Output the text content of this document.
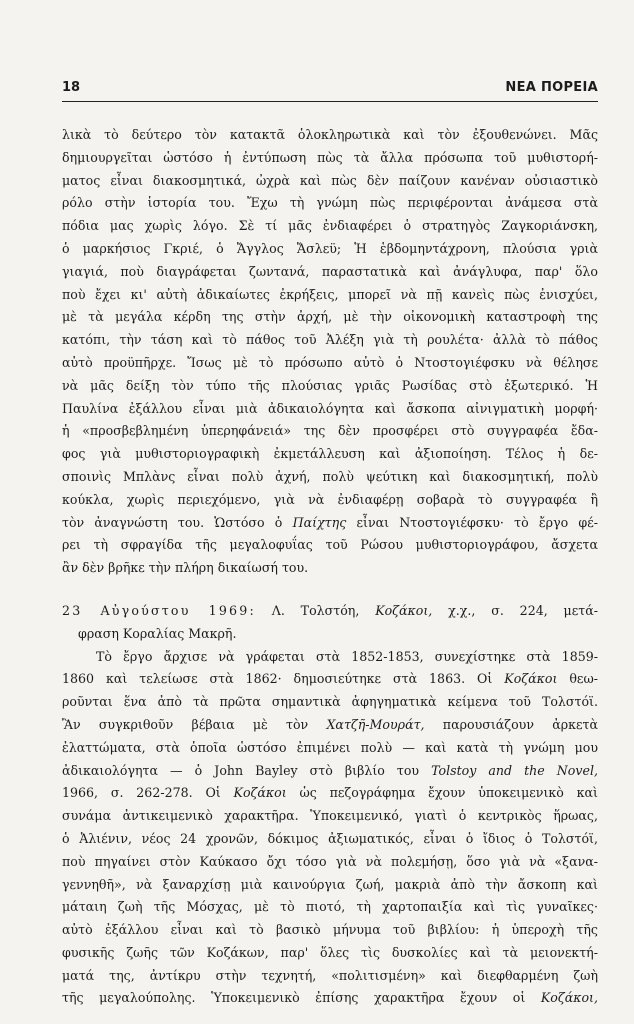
18	ΝΕΑ ΠΟΡΕΙΑ
λικὰ τὸ δεύτερο τὸν κατακτᾶ ὁλοκληρωτικὰ καὶ τὸν ἐξουθενώνει. Μᾶς
δημιουργεῖται ὡστόσο ἡ ἐντύπωση πὼς τὰ ἄλλα πρόσωπα τοῦ μυθιστορή-
ματος εἶναι διακοσμητικά, ὠχρὰ καὶ πὼς δὲν παίζουν κανέναν οὐσιαστικὸ
ρόλο στὴν ἱστορία του. Ἔχω τὴ γνώμη πὼς περιφέρονται ἀνάμεσα στὰ
πόδια μας χωρὶς λόγο. Σὲ τί μᾶς ἐνδιαφέρει ὁ στρατηγὸς Ζαγκοριάνσκη,
ὁ μαρκήσιος Γκριέ, ὁ Ἄγγλος Ἄσλεϋ; Ἡ ἑβδομηντάχρονη, πλούσια γριὰ
γιαγιά, ποὺ διαγράφεται ζωντανά, παραστατικὰ καὶ ἀνάγλυφα, παρ' ὅλο
ποὺ ἔχει κι' αὐτὴ ἀδικαίωτες ἐκρήξεις, μπορεῖ νὰ πῇ κανεὶς πὼς ἐνισχύει,
μὲ τὰ μεγάλα κέρδη της στὴν ἀρχή, μὲ τὴν οἰκονομικὴ καταστροφὴ της
κατόπι, τὴν τάση καὶ τὸ πάθος τοῦ Ἀλέξη γιὰ τὴ ρουλέτα· ἀλλὰ τὸ πάθος
αὐτὸ προϋπῆρχε. Ἴσως μὲ τὸ πρόσωπο αὐτὸ ὁ Ντοστογιέφσκυ νὰ θέλησε
νὰ μᾶς δείξη τὸν τύπο τῆς πλούσιας γριᾶς Ρωσίδας στὸ ἐξωτερικό. Ἡ
Παυλίνα ἐξάλλου εἶναι μιὰ ἀδικαιολόγητα καὶ ἄσκοπα αἰνιγματικὴ μορφή·
ἡ «προσβεβλημένη ὑπερηφάνειά» της δὲν προσφέρει στὸ συγγραφέα ἔδα-
φος γιὰ μυθιστοριογραφικὴ ἐκμετάλλευση καὶ ἀξιοποίηση. Τέλος ἡ δε-
σποινὶς Μπλὰνς εἶναι πολὺ ἀχνή, πολὺ ψεύτικη καὶ διακοσμητική, πολὺ
κούκλα, χωρὶς περιεχόμενο, γιὰ νὰ ἐνδιαφέρῃ σοβαρὰ τὸ συγγραφέα ἢ
τὸν ἀναγνώστη του. Ὡστόσο ὁ Παίχτης εἶναι Ντοστογιέφσκυ· τὸ ἔργο φέ-
ρει τὴ σφραγίδα τῆς μεγαλοφυΐας τοῦ Ρώσου μυθιστοριογράφου, ἄσχετα
ἂν δὲν βρῆκε τὴν πλήρη δικαίωσή του.
23 Αὐγούστου 1969: Λ. Τολστόη, Κοζάκοι, χ.χ., σ. 224, μετά-
φραση Κοραλίας Μακρῆ.
Τὸ ἔργο ἄρχισε νὰ γράφεται στὰ 1852-1853, συνεχίστηκε στὰ 1859-
1860 καὶ τελείωσε στὰ 1862· δημοσιεύτηκε στὰ 1863. Οἱ Κοζάκοι θεω-
ροῦνται ἕνα ἀπὸ τὰ πρῶτα σημαντικὰ ἀφηγηματικὰ κείμενα τοῦ Τολστόϊ.
Ἂν συγκριθοῦν βέβαια μὲ τὸν Χατζῆ-Μουράτ, παρουσιάζουν ἀρκετὰ
ἐλαττώματα, στὰ ὁποῖα ὡστόσο ἐπιμένει πολὺ — καὶ κατὰ τὴ γνώμη μου
ἀδικαιολόγητα — ὁ John Bayley στὸ βιβλίο του Tolstoy and the Novel,
1966, σ. 262-278. Οἱ Κοζάκοι ὡς πεζογράφημα ἔχουν ὑποκειμενικὸ καὶ
συνάμα ἀντικειμενικὸ χαρακτῆρα. Ὑποκειμενικό, γιατὶ ὁ κεντρικὸς ἥρωας,
ὁ Ἀλιένιν, νέος 24 χρονῶν, δόκιμος ἀξιωματικός, εἶναι ὁ ἴδιος ὁ Τολστόϊ,
ποὺ πηγαίνει στὸν Καύκασο ὄχι τόσο γιὰ νὰ πολεμήσῃ, ὅσο γιὰ νὰ «ξανα-
γεννηθῆ», νὰ ξαναρχίσῃ μιὰ καινούργια ζωή, μακριὰ ἀπὸ τὴν ἄσκοπη καὶ
μάταιη ζωὴ τῆς Μόσχας, μὲ τὸ πιοτό, τὴ χαρτοπαιξία καὶ τὶς γυναῖκες·
αὐτὸ ἐξάλλου εἶναι καὶ τὸ βασικὸ μήνυμα τοῦ βιβλίου: ἡ ὑπεροχὴ τῆς
φυσικῆς ζωῆς τῶν Κοζάκων, παρ' ὅλες τὶς δυσκολίες καὶ τὰ μειονεκτή-
ματά της, ἀντίκρυ στὴν τεχνητή, «πολιτισμένη» καὶ διεφθαρμένη ζωὴ
τῆς μεγαλούπολης. Ὑποκειμενικὸ ἐπίσης χαρακτῆρα ἔχουν οἱ Κοζάκοι,
